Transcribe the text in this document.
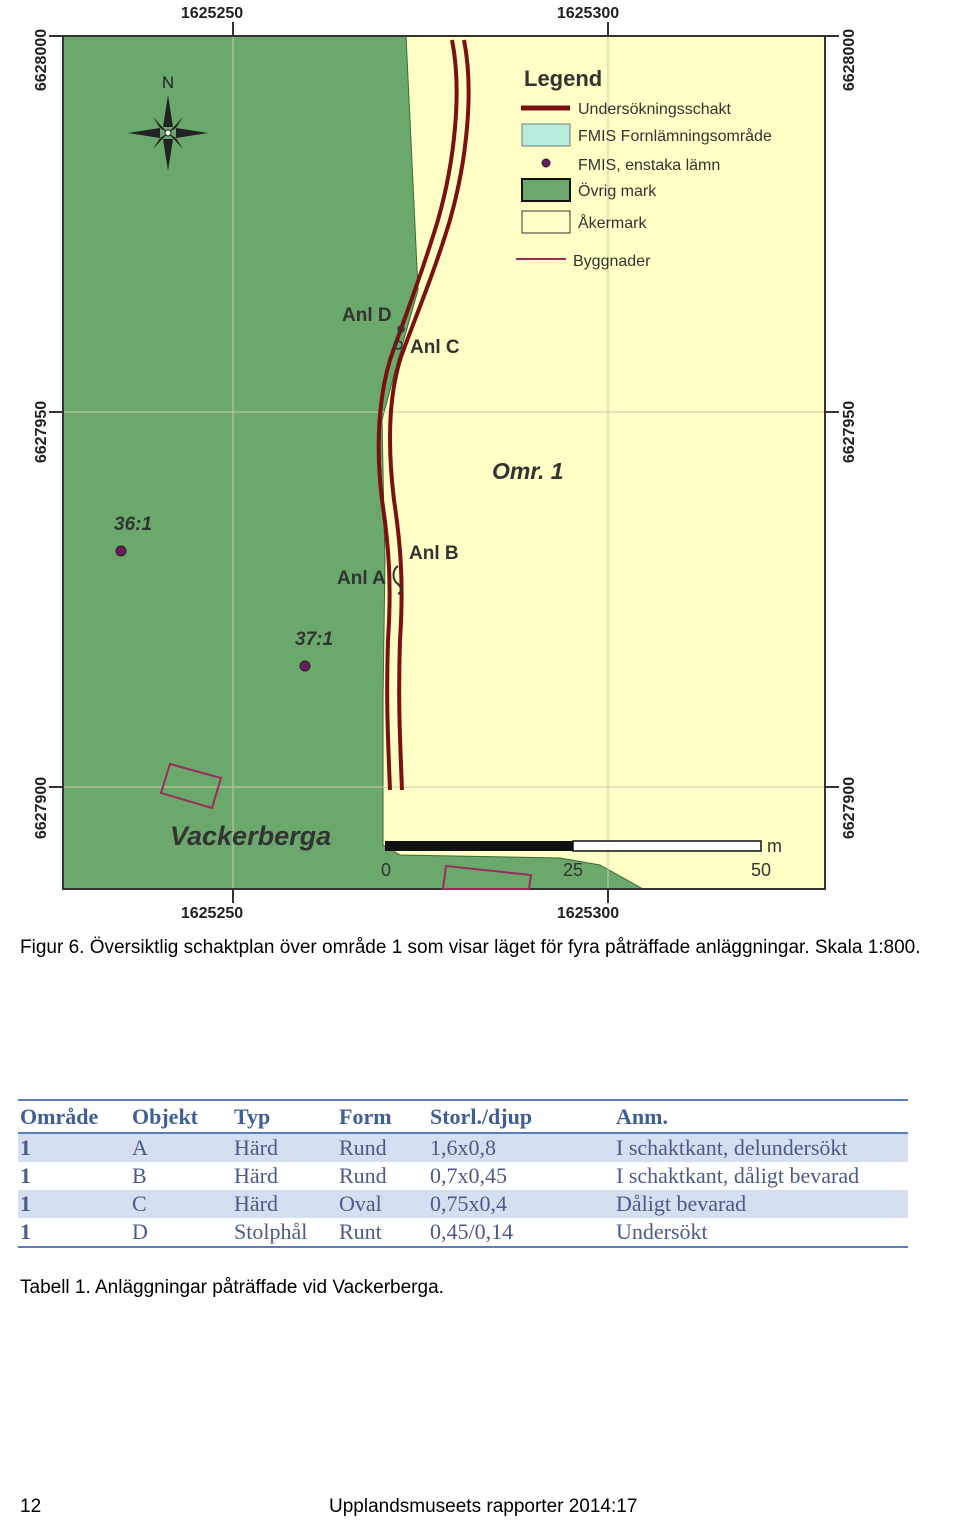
1625250	1625300
1625250	1625300
6628000
6627950
6627900
6628000
6627950
6627900
Anl D
Anl C
Anl B
Anl A
Omr. 1
36:1
37:1
Vackerberga
N	Legend
Undersökningsschakt
FMIS Fornlämningsområde
FMIS, enstaka lämn
Övrig mark
Åkermark
Byggnader
m
0	25	50
Figur 6. Översiktlig schaktplan över område 1 som visar läget för fyra påträffade anläggningar. Skala 1:800.
Område	Objekt	Typ	Form	Storl./djup	Anm.
1	A	Härd	Rund	1,6x0,8	I schaktkant, delundersökt
1	B	Härd	Rund	0,7x0,45	I schaktkant, dåligt bevarad
1	C	Härd	Oval	0,75x0,4	Dåligt bevarad
1	D	Stolphål	Runt	0,45/0,14	Undersökt
Tabell 1. Anläggningar påträffade vid Vackerberga.
12	Upplandsmuseets rapporter 2014:17
